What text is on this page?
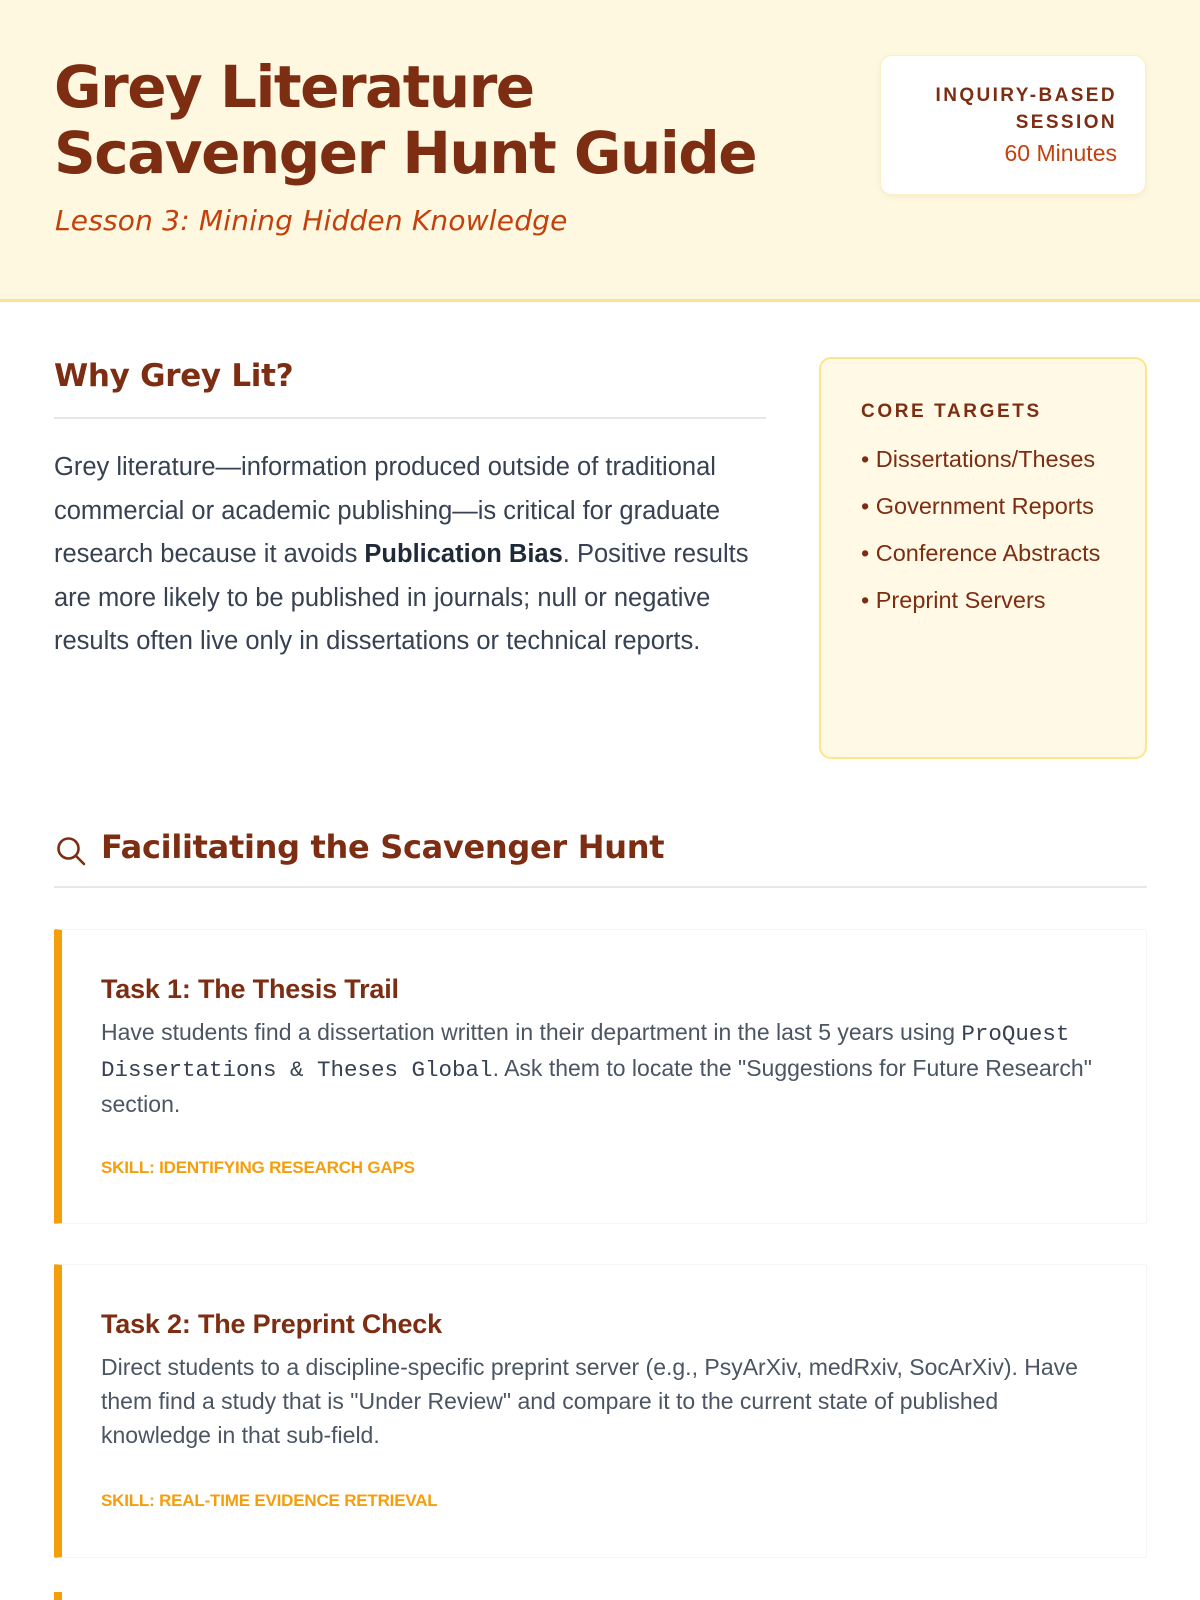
Grey Literature Scavenger Hunt Guide
Lesson 3: Mining Hidden Knowledge
INQUIRY-BASED SESSION
60 Minutes
Why Grey Lit?

Grey literature—information produced outside of traditional commercial or academic publishing—is critical for graduate research because it avoids Publication Bias. Positive results are more likely to be published in journals; null or negative results often live only in dissertations or technical reports.

CORE TARGETS
• Dissertations/Theses
• Government Reports
• Conference Abstracts
• Preprint Servers
Facilitating the Scavenger Hunt
Task 1: The Thesis Trail

Have students find a dissertation written in their department in the last 5 years using ProQuest Dissertations & Theses Global. Ask them to locate the "Suggestions for Future Research" section.

SKILL: IDENTIFYING RESEARCH GAPS
Task 2: The Preprint Check

Direct students to a discipline-specific preprint server (e.g., PsyArXiv, medRxiv, SocArXiv). Have them find a study that is "Under Review" and compare it to the current state of published knowledge in that sub-field.

SKILL: REAL-TIME EVIDENCE RETRIEVAL
